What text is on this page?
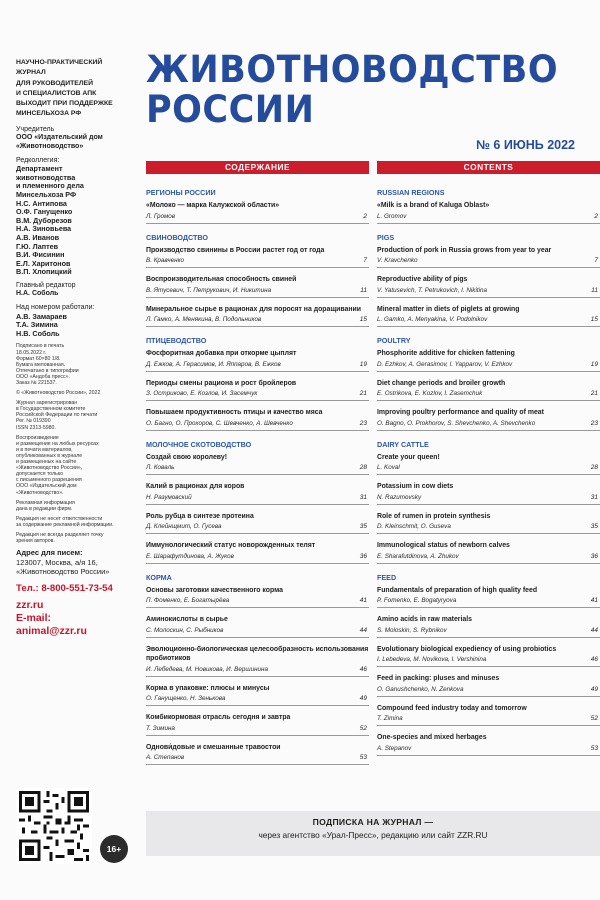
НАУЧНО-ПРАКТИЧЕСКИЙ
ЖУРНАЛ
ДЛЯ РУКОВОДИТЕЛЕЙ
И СПЕЦИАЛИСТОВ АПК
ВЫХОДИТ ПРИ ПОДДЕРЖКЕ
МИНСЕЛЬХОЗА РФ
Учредитель
ООО «Издательский дом
«Животноводство»
Редколлегия:
Департамент
животноводства
и племенного дела
Минсельхоза РФ
Н.С. Антипова
О.Ф. Ганущенко
В.М. Дуборезов
Н.А. Зиновьева
А.В. Иванов
Г.Ю. Лаптев
В.И. Фисинин
Е.Л. Харитонов
В.П. Хлопицкий
Главный редактор
Н.А. Соболь
Над номером работали:
А.В. Замараев
Т.А. Зимина
Н.В. Соболь
Подписано в печать
18.05.2022 г.
Формат 60×80 1/8.
Бумага мелованная.
Отпечатано в типографии
ООО «Андоба пресс».
Заказ № 221537.
© «Животноводство России», 2022
Журнал зарегистрирован
в Государственном комитете
Российской Федерации по печати
Рег. № 019390
ISSN 2313-5980.
Воспроизведение
и размещение на любых ресурсах
и в печати материалов,
опубликованных в журнале
и размещенных на сайте
«Животноводство России»,
допускается только
с письменного разрешения
ООО «Издательский дом
«Животноводство».
Рекламная информация
дана в редакции фирм.
Редакция не несет ответственности
за содержание рекламной информации.
Редакция не всегда разделяет точку
зрения авторов.
Адрес для писем:
123007, Москва, а/я 16,
«Животноводство России»
Тел.: 8-800-551-73-54
zzr.ru
E-mail:
animal@zzr.ru
16+
ЖИВОТНОВОДСТВО
РОССИИ
№ 6 ИЮНЬ 2022
СОДЕРЖАНИЕ
РЕГИОНЫ РОССИИ
«Молоко — марка Калужской области»
Л. Громов	2
СВИНОВОДСТВО
Производство свинины в России растет год от года
В. Кравченко	7
Воспроизводительная способность свиней
В. Ятусевич, Т. Петрукович, И. Никитина	11
Минеральное сырье в рационах для поросят на доращивании
Л. Гамко, А. Менякина, В. Подольников	15
ПТИЦЕВОДСТВО
Фосфоритная добавка при откорме цыплят
Д. Ежков, А. Герасимов, И. Яппаров, В. Ежков	19
Периоды смены рациона и рост бройлеров
З. Остриково, Е. Козлов, И. Засемчук	21
Повышаем продуктивность птицы и качество мяса
О. Багно, О. Прохоров, С. Шевченко, А. Шевченко	23
МОЛОЧНОЕ СКОТОВОДСТВО
Создай свою королеву!
Л. Коваль	28
Калий в рационах для коров
Н. Разумовский	31
Роль рубца в синтезе протеина
Д. Клейнщмит, О. Гусева	35
Иммунологический статус новорожденных телят
Е. Шарафутдинова, А. Жуков	36
КОРМА
Основы заготовки качественного корма
П. Фоменко, Е. Богатырёва	41
Аминокислоты в сырье
С. Молоскин, С. Рыбников	44
Эволюционно-биологическая целесообразность использования пробиотиков
И. Лебедева, М. Новикова, И. Вершинина	46
Корма в упаковке: плюсы и минусы
О. Ганущенко, Н. Зенькова	49
Комбикормовая отрасль сегодня и завтра
Т. Зимина	52
Однови́довые и смешанные травостои
А. Степанов	53
CONTENTS
RUSSIAN REGIONS
«Milk is a brand of Kaluga Oblast»
L. Gromov	2
PIGS
Production of pork in Russia grows from year to year
V. Kravchenko	7
Reproductive ability of pigs
V. Yatusevich, T. Petrukovich, I. Nikitina	11
Mineral matter in diets of piglets at growing
L. Gamko, A. Menyakina, V. Podolnikov	15
POULTRY
Phosphorite additive for chicken fattening
D. Ezhkov, A. Gerasimov, I. Yapparov, V. Ezhkov	19
Diet change periods and broiler growth
E. Ostrikova, E. Kozlov, I. Zasemchuk	21
Improving poultry performance and quality of meat
O. Bagno, O. Prokhorov, S. Shevchenko, A. Shevchenko	23
DAIRY CATTLE
Create your queen!
L. Koval	28
Potassium in cow diets
N. Razumovsky	31
Role of rumen in protein synthesis
D. Kleinschmit, O. Guseva	35
Immunological status of newborn calves
E. Sharafutdinova, A. Zhukov	36
FEED
Fundamentals of preparation of high quality feed
P. Fomenko, E. Bogatyryova	41
Amino acids in raw materials
S. Moloskin, S. Rybnikov	44
Evolutionary biological expediency of using probiotics
I. Lebedeva, M. Novikova, I. Vershinina	46
Feed in packing: pluses and minuses
O. Ganushchenko, N. Zenkova	49
Compound feed industry today and tomorrow
T. Zimina	52
One-species and mixed herbages
A. Stepanov	53
ПОДПИСКА НА ЖУРНАЛ —
через агентство «Урал-Пресс», редакцию или сайт ZZR.RU
